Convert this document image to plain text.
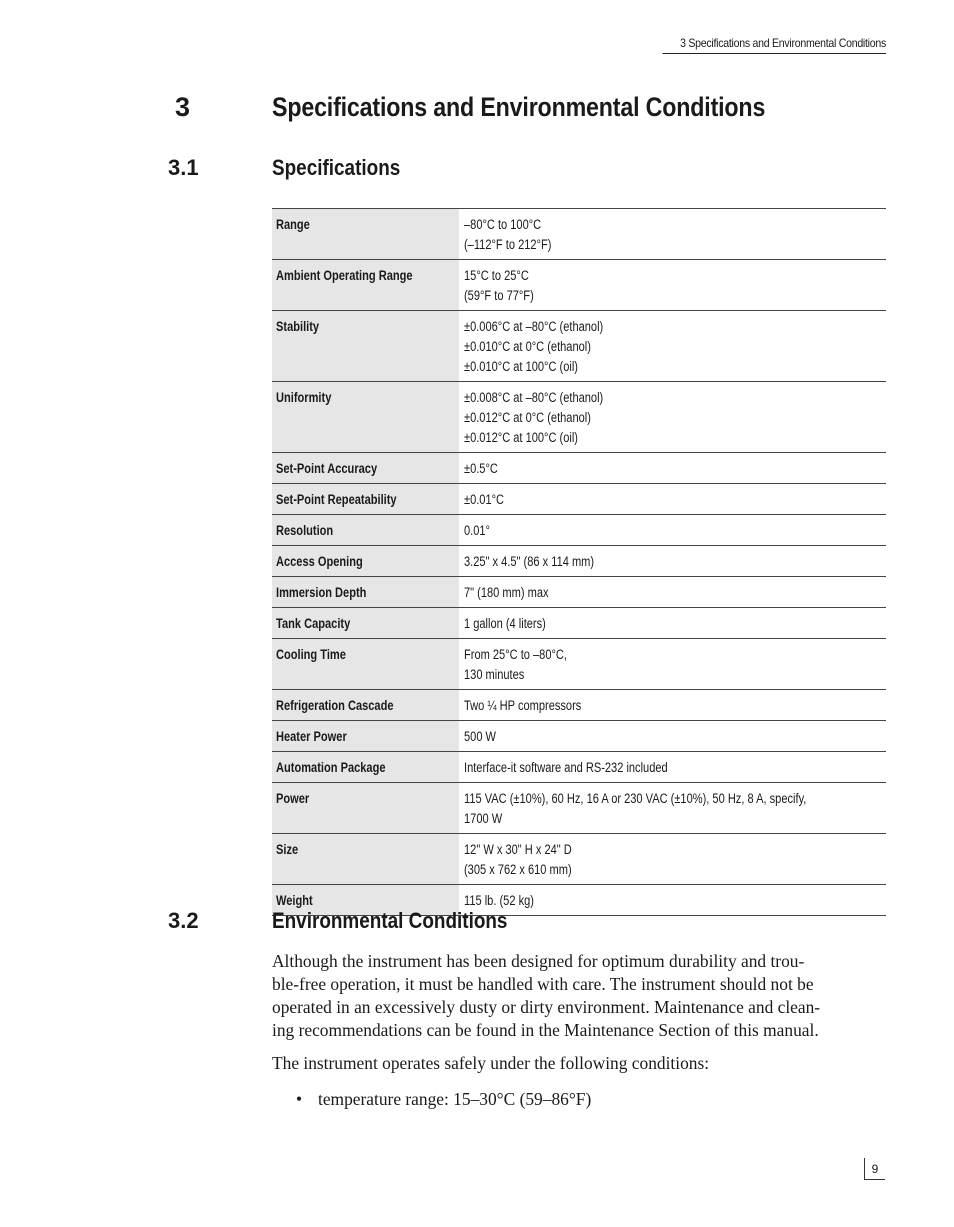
3 Specifications and Environmental Conditions
3	Specifications and Environmental Conditions
3.1	Specifications
Range	–80°C to 100°C
(–112°F to 212°F)

Ambient Operating Range	15°C to 25°C
(59°F to 77°F)

Stability	±0.006°C at –80°C (ethanol)
±0.010°C at 0°C (ethanol)
±0.010°C at 100°C (oil)

Uniformity	±0.008°C at –80°C (ethanol)
±0.012°C at 0°C (ethanol)
±0.012°C at 100°C (oil)

Set-Point Accuracy	±0.5°C

Set-Point Repeatability	±0.01°C

Resolution	0.01°

Access Opening	3.25" x 4.5" (86 x 114 mm)

Immersion Depth	7" (180 mm) max

Tank Capacity	1 gallon (4 liters)

Cooling Time	From 25°C to –80°C,
130 minutes

Refrigeration Cascade	Two ¼ HP compressors

Heater Power	500 W

Automation Package	Interface-it software and RS-232 included

Power	115 VAC (±10%), 60 Hz, 16 A or 230 VAC (±10%), 50 Hz, 8 A, specify,
1700 W

Size	12" W x 30" H x 24" D
(305 x 762 x 610 mm)

Weight	115 lb. (52 kg)
3.2	Environmental Conditions
Although the instrument has been designed for optimum durability and trou-
ble-free operation, it must be handled with care. The instrument should not be
operated in an excessively dusty or dirty environment. Maintenance and clean-
ing recommendations can be found in the Maintenance Section of this manual.

The instrument operates safely under the following conditions:

• temperature range: 15–30°C (59–86°F)
9
